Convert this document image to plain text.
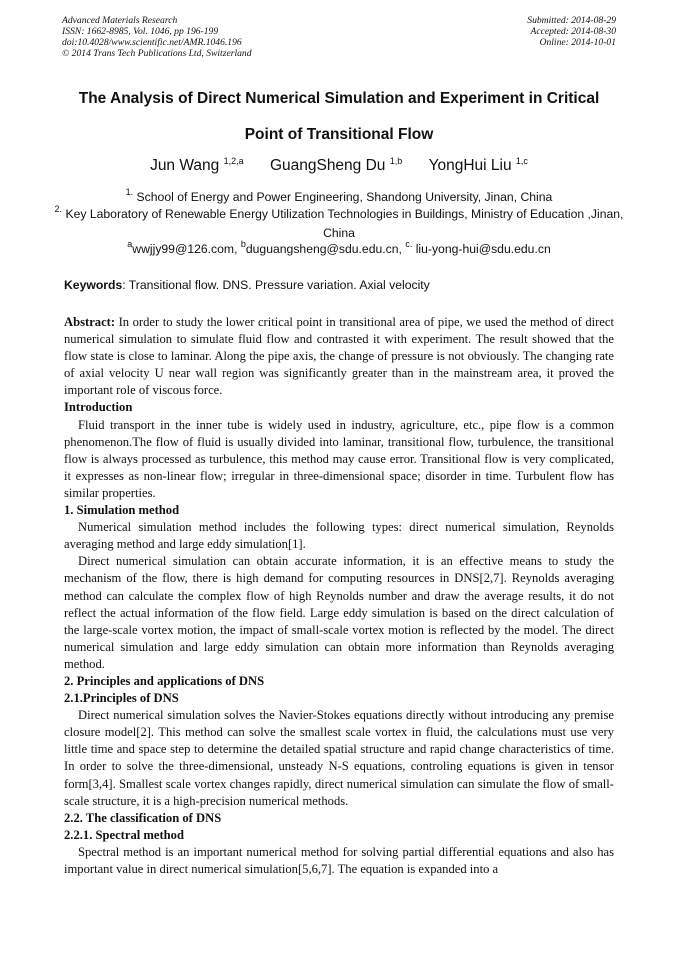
Advanced Materials Research
ISSN: 1662-8985, Vol. 1046, pp 196-199
doi:10.4028/www.scientific.net/AMR.1046.196
© 2014 Trans Tech Publications Ltd, Switzerland
Submitted: 2014-08-29
Accepted: 2014-08-30
Online: 2014-10-01
The Analysis of Direct Numerical Simulation and Experiment in Critical
Point of Transitional Flow
Jun Wang $^{1,2,a}$ GuangSheng Du $^{1,b}$ YongHui Liu $^{1,c}$
$^{1.}$ School of Energy and Power Engineering, Shandong University, Jinan, China
$^{2.}$ Key Laboratory of Renewable Energy Utilization Technologies in Buildings, Ministry of Education ,Jinan, China
$^a$wwjjy99@126.com, $^b$duguangsheng@sdu.edu.cn, $^{c.}$ liu-yong-hui@sdu.edu.cn
Keywords: Transitional flow. DNS. Pressure variation. Axial velocity

Abstract: In order to study the lower critical point in transitional area of pipe, we used the method of direct numerical simulation to simulate fluid flow and contrasted it with experiment. The result showed that the flow state is close to laminar. Along the pipe axis, the change of pressure is not obviously. The changing rate of axial velocity U near wall region was significantly greater than in the mainstream area, it proved the important role of viscous force.

Introduction

Fluid transport in the inner tube is widely used in industry, agriculture, etc., pipe flow is a common phenomenon.The flow of fluid is usually divided into laminar, transitional flow, turbulence, the transitional flow is always processed as turbulence, this method may cause error. Transitional flow is very complicated, it expresses as non-linear flow; irregular in three-dimensional space; disorder in time. Turbulent flow has similar properties.

1. Simulation method

Numerical simulation method includes the following types: direct numerical simulation, Reynolds averaging method and large eddy simulation[1].

Direct numerical simulation can obtain accurate information, it is an effective means to study the mechanism of the flow, there is high demand for computing resources in DNS[2,7]. Reynolds averaging method can calculate the complex flow of high Reynolds number and draw the average results, it do not reflect the actual information of the flow field. Large eddy simulation is based on the direct calculation of the large-scale vortex motion, the impact of small-scale vortex motion is reflected by the model. The direct numerical simulation and large eddy simulation can obtain more information than Reynolds averaging method.

2. Principles and applications of DNS
2.1.Principles of DNS

Direct numerical simulation solves the Navier-Stokes equations directly without introducing any premise closure model[2]. This method can solve the smallest scale vortex in fluid, the calculations must use very little time and space step to determine the detailed spatial structure and rapid change characteristics of time. In order to solve the three-dimensional, unsteady N-S equations, controling equations is given in tensor form[3,4]. Smallest scale vortex changes rapidly, direct numerical simulation can simulate the flow of small-scale structure, it is a high-precision numerical methods.

2.2. The classification of DNS
2.2.1. Spectral method

Spectral method is an important numerical method for solving partial differential equations and also has important value in direct numerical simulation[5,6,7]. The equation is expanded into a
